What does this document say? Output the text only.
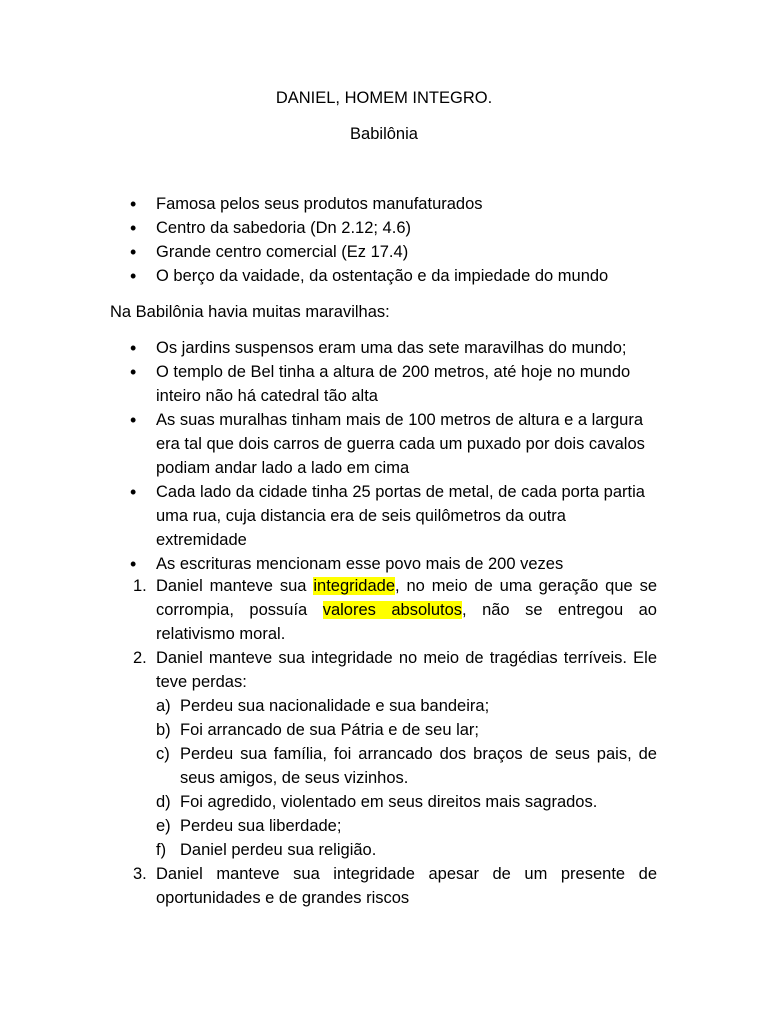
DANIEL, HOMEM INTEGRO.
Babilônia
• Famosa pelos seus produtos manufaturados
• Centro da sabedoria (Dn 2.12; 4.6)
• Grande centro comercial (Ez 17.4)
• O berço da vaidade, da ostentação e da impiedade do mundo
Na Babilônia havia muitas maravilhas:
• Os jardins suspensos eram uma das sete maravilhas do mundo;
• O templo de Bel tinha a altura de 200 metros, até hoje no mundo inteiro não há catedral tão alta
• As suas muralhas tinham mais de 100 metros de altura e a largura era tal que dois carros de guerra cada um puxado por dois cavalos podiam andar lado a lado em cima
• Cada lado da cidade tinha 25 portas de metal, de cada porta partia uma rua, cuja distancia era de seis quilômetros da outra extremidade
• As escrituras mencionam esse povo mais de 200 vezes
1. Daniel manteve sua integridade, no meio de uma geração que se corrompia, possuía valores absolutos, não se entregou ao relativismo moral.
2. Daniel manteve sua integridade no meio de tragédias terríveis. Ele teve perdas:
a) Perdeu sua nacionalidade e sua bandeira;
b) Foi arrancado de sua Pátria e de seu lar;
c) Perdeu sua família, foi arrancado dos braços de seus pais, de seus amigos, de seus vizinhos.
d) Foi agredido, violentado em seus direitos mais sagrados.
e) Perdeu sua liberdade;
f) Daniel perdeu sua religião.
3. Daniel manteve sua integridade apesar de um presente de oportunidades e de grandes riscos
